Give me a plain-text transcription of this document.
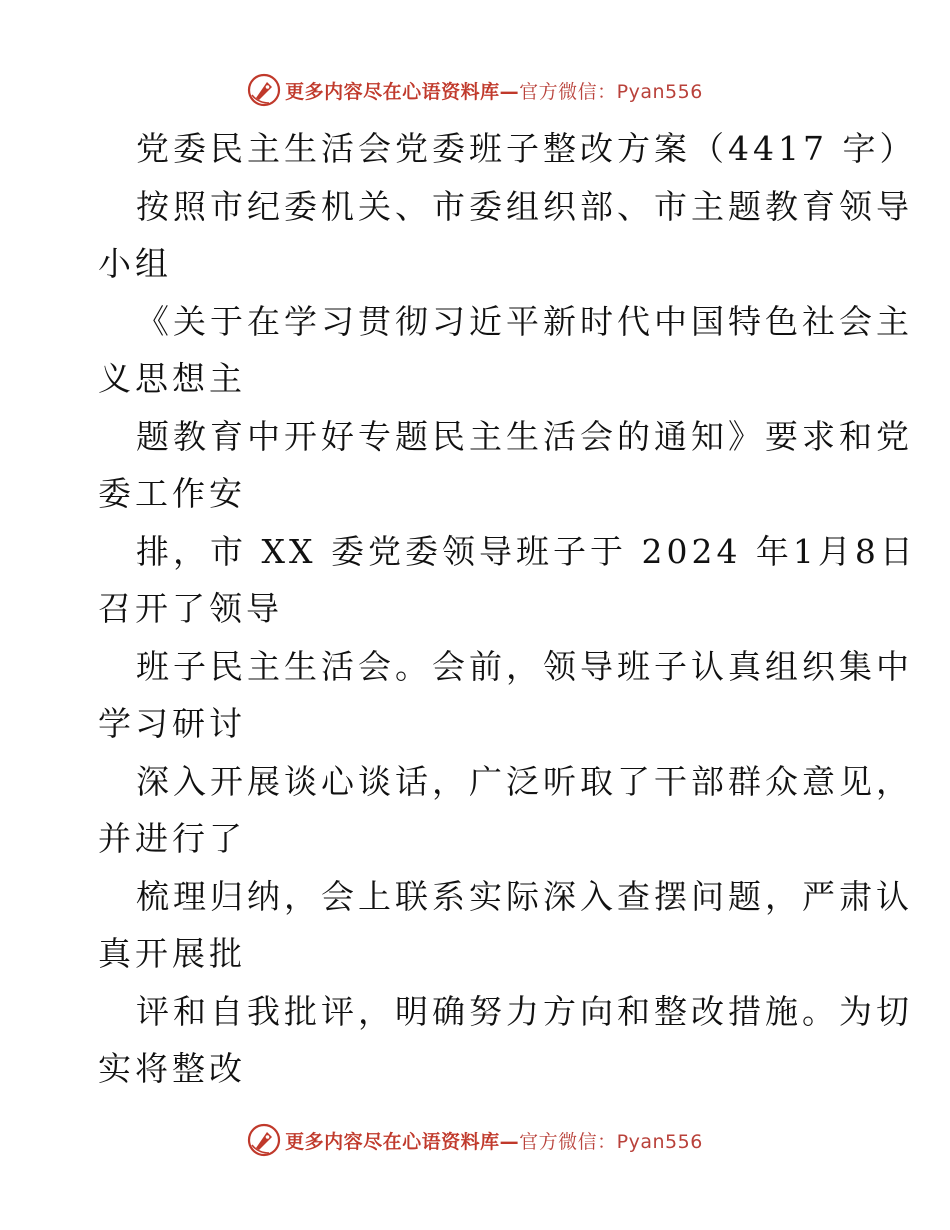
更多内容尽在心语资料库—官方微信：Pyan556
党委民主生活会党委班子整改方案（4417 字）
按照市纪委机关、市委组织部、市主题教育领导
小组
《关于在学习贯彻习近平新时代中国特色社会主
义思想主
题教育中开好专题民主生活会的通知》要求和党
委工作安
排，市 XX 委党委领导班子于 2024 年1月8日
召开了领导
班子民主生活会。会前，领导班子认真组织集中
学习研讨
深入开展谈心谈话，广泛听取了干部群众意见，
并进行了
梳理归纳，会上联系实际深入查摆问题，严肃认
真开展批
评和自我批评，明确努力方向和整改措施。为切
实将整改
更多内容尽在心语资料库—官方微信：Pyan556
